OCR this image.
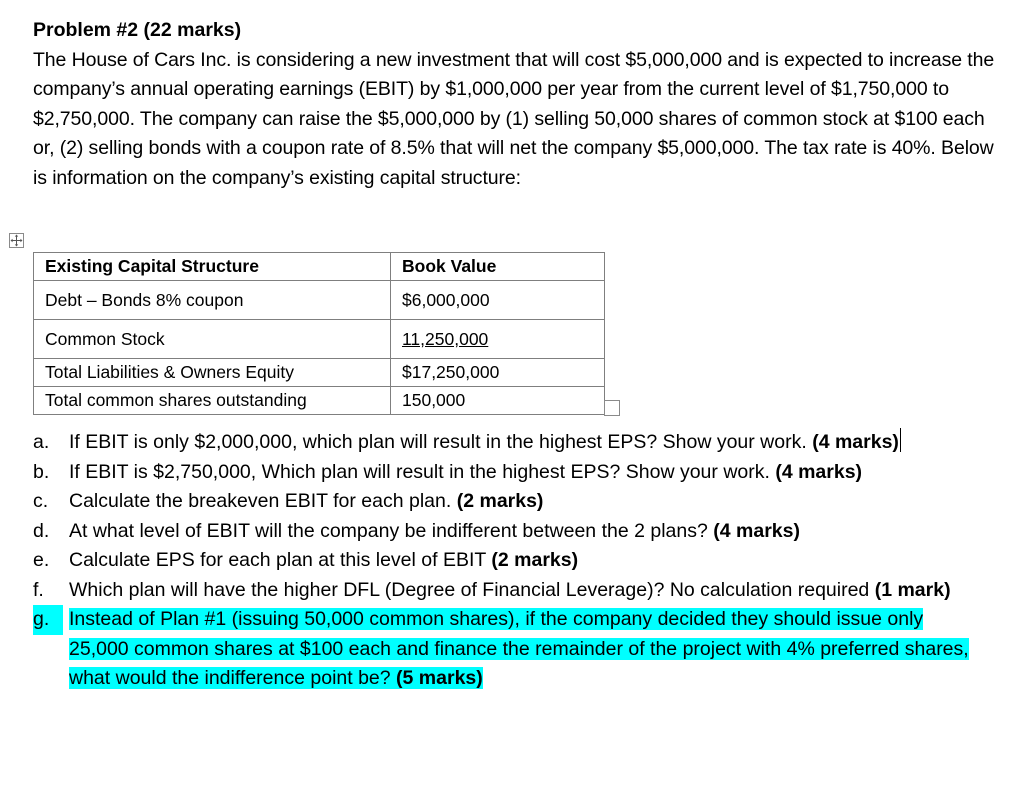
Problem #2 (22 marks)

The House of Cars Inc. is considering a new investment that will cost $5,000,000 and is expected to increase the company’s annual operating earnings (EBIT) by $1,000,000 per year from the current level of $1,750,000 to $2,750,000. The company can raise the $5,000,000 by (1) selling 50,000 shares of common stock at $100 each or, (2) selling bonds with a coupon rate of 8.5% that will net the company $5,000,000. The tax rate is 40%. Below is information on the company’s existing capital structure:

Existing Capital Structure	Book Value
Debt – Bonds 8% coupon	$6,000,000
Common Stock	11,250,000
Total Liabilities & Owners Equity	$17,250,000
Total common shares outstanding	150,000
a.	If EBIT is only $2,000,000, which plan will result in the highest EPS? Show your work. (4 marks)
b.	If EBIT is $2,750,000, Which plan will result in the highest EPS? Show your work. (4 marks)
c.	Calculate the breakeven EBIT for each plan. (2 marks)
d.	At what level of EBIT will the company be indifferent between the 2 plans? (4 marks)
e.	Calculate EPS for each plan at this level of EBIT (2 marks)
f.	Which plan will have the higher DFL (Degree of Financial Leverage)? No calculation required (1 mark)
g.	Instead of Plan #1 (issuing 50,000 common shares), if the company decided they should issue only 25,000 common shares at $100 each and finance the remainder of the project with 4% preferred shares, what would the indifference point be? (5 marks)
